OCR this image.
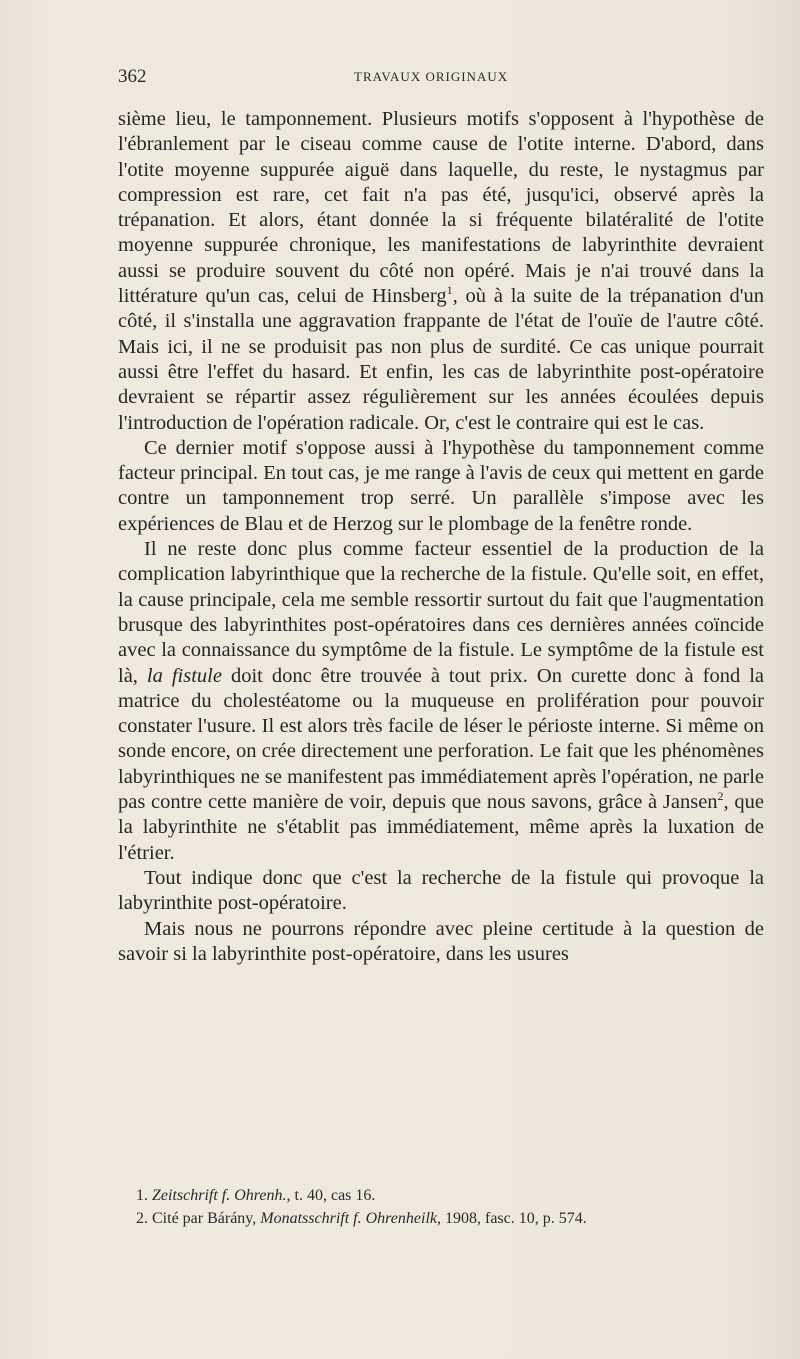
362	TRAVAUX ORIGINAUX

sième lieu, le tamponnement. Plusieurs motifs s'opposent à l'hypothèse de l'ébranlement par le ciseau comme cause de l'otite interne. D'abord, dans l'otite moyenne suppurée aiguë dans laquelle, du reste, le nystagmus par compression est rare, cet fait n'a pas été, jusqu'ici, observé après la trépanation. Et alors, étant donnée la si fréquente bilatéralité de l'otite moyenne suppurée chronique, les manifestations de labyrinthite devraient aussi se produire souvent du côté non opéré. Mais je n'ai trouvé dans la littérature qu'un cas, celui de Hinsberg$^1$, où à la suite de la trépanation d'un côté, il s'installa une aggravation frappante de l'état de l'ouïe de l'autre côté. Mais ici, il ne se produisit pas non plus de surdité. Ce cas unique pourrait aussi être l'effet du hasard. Et enfin, les cas de labyrinthite post-opératoire devraient se répartir assez régulièrement sur les années écoulées depuis l'introduction de l'opération radicale. Or, c'est le contraire qui est le cas.

Ce dernier motif s'oppose aussi à l'hypothèse du tamponnement comme facteur principal. En tout cas, je me range à l'avis de ceux qui mettent en garde contre un tamponnement trop serré. Un parallèle s'impose avec les expériences de Blau et de Herzog sur le plombage de la fenêtre ronde.

Il ne reste donc plus comme facteur essentiel de la production de la complication labyrinthique que la recherche de la fistule. Qu'elle soit, en effet, la cause principale, cela me semble ressortir surtout du fait que l'augmentation brusque des labyrinthites post-opératoires dans ces dernières années coïncide avec la connaissance du symptôme de la fistule. Le symptôme de la fistule est là, la fistule doit donc être trouvée à tout prix. On curette donc à fond la matrice du cholestéatome ou la muqueuse en prolifération pour pouvoir constater l'usure. Il est alors très facile de léser le périoste interne. Si même on sonde encore, on crée directement une perforation. Le fait que les phénomènes labyrinthiques ne se manifestent pas immédiatement après l'opération, ne parle pas contre cette manière de voir, depuis que nous savons, grâce à Jansen$^2$, que la labyrinthite ne s'établit pas immédiatement, même après la luxation de l'étrier.

Tout indique donc que c'est la recherche de la fistule qui provoque la labyrinthite post-opératoire.

Mais nous ne pourrons répondre avec pleine certitude à la question de savoir si la labyrinthite post-opératoire, dans les usures

1. Zeitschrift f. Ohrenh., t. 40, cas 16.

2. Cité par Bárány, Monatsschrift f. Ohrenheilk, 1908, fasc. 10, p. 574.
